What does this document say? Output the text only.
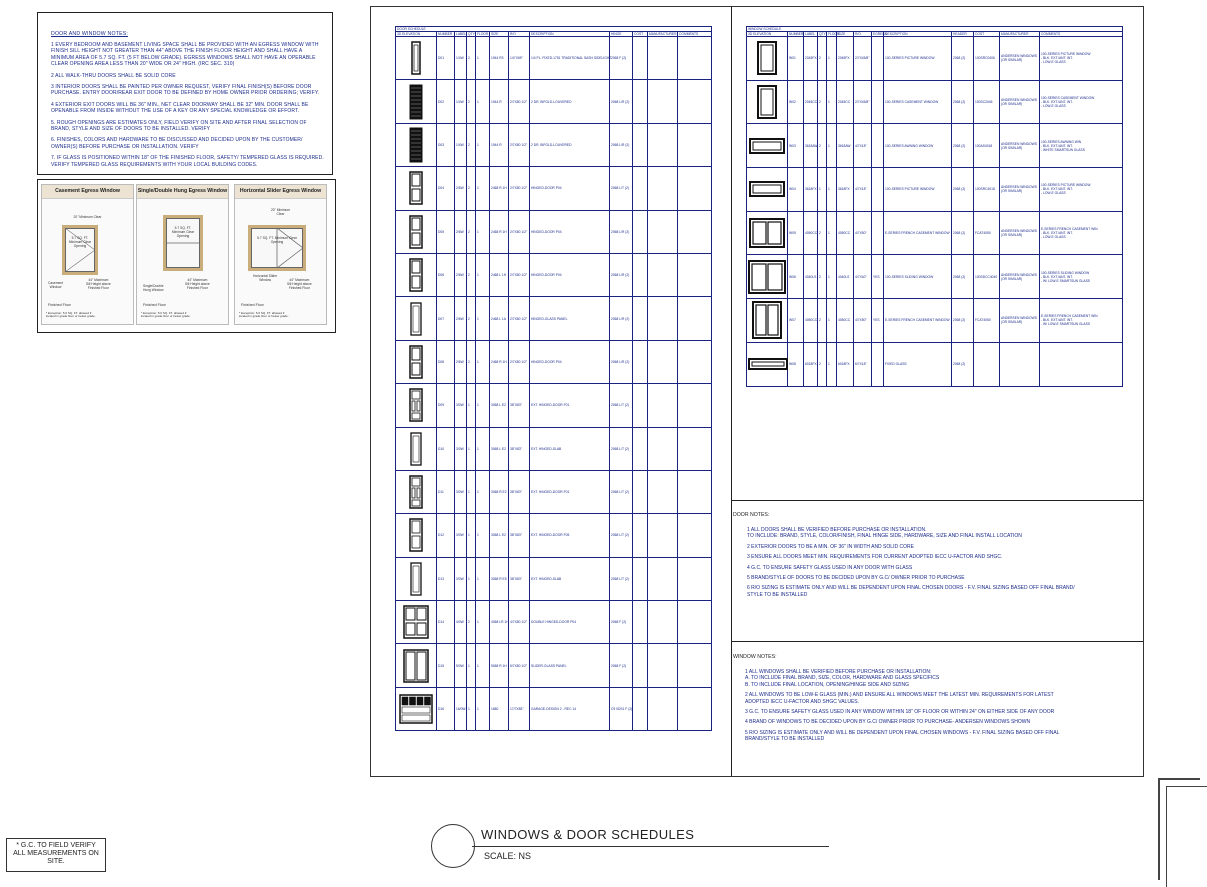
DOOR AND WINDOW NOTES:
1 EVERY BEDROOM AND BASEMENT LIVING SPACE SHALL BE PROVIDED WITH AN EGRESS WINDOW WITH
FINISH SILL HEIGHT NOT GREATER THAN 44" ABOVE THE FINISH FLOOR HEIGHT AND SHALL HAVE A
MINIMUM AREA OF 5.7 SQ. FT. (5 FT BELOW GRADE). EGRESS WINDOWS SHALL NOT HAVE AN OPERABLE
CLEAR OPENING AREA LESS THAN 20" WIDE OR 24" HIGH. (IRC SEC. 310)
2 ALL WALK-THRU DOORS SHALL BE SOLID CORE
3 INTERIOR DOORS SHALL BE PAINTED PER OWNER REQUEST, VERIFY FINAL FINISH(S) BEFORE DOOR
PURCHASE. ENTRY DOOR/REAR EXIT DOOR TO BE DEFINED BY HOME OWNER PRIOR ORDERING; VERIFY.
4 EXTERIOR EXIT DOORS WILL BE 36" MIN., NET CLEAR DOORWAY SHALL BE 32" MIN. DOOR SHALL BE
OPENABLE FROM INSIDE WITHOUT THE USE OF A KEY OR ANY SPECIAL KNOWLEDGE OR EFFORT.
5. ROUGH OPENINGS ARE ESTIMATES ONLY, FIELD VERIFY ON SITE AND AFTER FINAL SELECTION OF
BRAND, STYLE AND SIZE OF DOORS TO BE INSTALLED. VERIFY
6. FINISHES, COLORS AND HARDWARE TO BE DISCUSSED AND DECIDED UPON BY THE CUSTOMER/
OWNER(S) BEFORE PURCHASE OR INSTALLATION. VERIFY
7. IF GLASS IS POSITIONED WITHIN 18" OF THE FINISHED FLOOR, SAFETY/ TEMPERED GLASS IS REQUIRED.
VERIFY TEMPERED GLASS REQUIREMENTS WITH YOUR LOCAL BUILDING CODES.
Casement Egress Window
5.7 SQ. FT. Minimum Clear Opening
20" Minimum Clear
44" Maximum
Sill Height above
Finished Floor
Casement
Window
Finished Floor
* Exception: 5.0 SQ. FT. allowed if
located in grade floor or below grade.
Single/Double Hung Egress Window
5.7 SQ. FT. Minimum Clear Opening
44" Maximum
Sill Height above
Finished Floor
Single/Double
Hung Window
Finished Floor
* Exception: 5.0 SQ. FT. allowed if
located in grade floor or below grade.
Horizontal Slider Egress Window
5.7 SQ. FT. Minimum Clear Opening
20" Minimum
Clear
44" Maximum
Sill Height above
Finished Floor
Horizontal Slider
Window
Finished Floor
* Exception: 5.0 SQ. FT. allowed if
located in grade floor or below grade.
DOOR SCHEDULE											
3D ELEVATION	NUMBER	LABEL	QTY	FLOOR	SIZE	R/O	DESCRIPTION	HINGE	COST	MANUFACTURER	COMMENTS

	D01	1/4W	2	1	1944 R3	1/4"X69"	1/4 PL. FIXED-1751 TRADITIONAL SASH SIDELIGHT	2068 F (2)			

	D02	1/4W	2	1	1944 R	2/7X80 1/2"	2 DR. BIFOLD-LOUVERED	2068 L/R (2)			

	D03	1/4W	2	1	1944 R	2/7X80 1/2"	2 DR. BIFOLD-LOUVERED	2068 L/R (2)			

	D04	2/6W	2	1	2468 R 1H	2/7X80 1/2"	HINGED-DOOR P04	2068 L/T (2)			

	D05	2/6W	2	1	2468 R 1H	2/7X80 1/2"	HINGED-DOOR P04	2068 L/R (2)			

	D06	2/6W	2	1	2468 L 1H	2/7X80 1/2"	HINGED-DOOR P04	2068 L/R (2)			

	D07	2/6W	2	1	2468 L 1A	2/7X80 1/2"	HINGED-GLASS PANEL	2068 L/R (2)			

	D08	2/6W	2	1	2468 R 1H	2/7X80 1/2"	HINGED-DOOR P04	2068 L/R (2)			

	D09	3/0W	1	1	3068 L E2	38"X83"	EXT. HINGED-DOOR F01	2068 L/T (2)			

	D10	3/0W	1	1	3068 L E2	38"X83"	EXT. HINGED-SLAB	2068 L/T (2)			

	D11	3/0W	1	1	3068 R E2	38"X83"	EXT. HINGED-DOOR F01	2068 L/T (2)			

	D12	3/0W	1	1	3068 L E2	38"X83"	EXT. HINGED-DOOR F05	2068 L/T (2)			

	D13	3/0W	1	1	3068 R E5	38"X83"	EXT. HINGED-SLAB	2068 L/T (2)			

	D14	4/0W	2	1	4068 LR 1H	4/7X80 1/2"	DOUBLE HINGED-DOOR P04	2068 F (2)			

	D15	5/0W	1	1	5068 R 1H	5/7X80 1/2"	SLIDER-GLASS PANEL	2068 F (2)			

	D16	16/0W	1	1	1680	17/7X85"	GARAGE-DESIGN 2 - REC 14	C9 0DS1 F (2)			
WINDOW SCHEDULE												
3D ELEVATION	NUMBER	LABEL	QTY	FLOOR	SIZE	R/O	EGRESS	DESCRIPTION	HEADER	COST	MANUFACTURER	COMMENTS

	W01	2045FX	2	1	2045FX	2/7X45/8"		100-SERIES PICTURE WINDOW	2068 (2)	100SRC0406	ANDERSEN WINDOWS
(OR SIMILAR)	100-SERIES PICTURE WINDOW
- BLK. EXT./ANT. INT.
- LOW-E GLASS

	W02	2045CC	2	1	2045CC	2/7X45/8"		100-SERIES CASEMENT WINDOW	2068 (2)	100SC2046	ANDERSEN WINDOWS
(OR SIMILAR)	100-SERIES CASEMENT WINDOW
- BLK. EXT./ANT. INT.
- LOW-E GLASS

	W03	3618AW	2	1	3618AW	4/7X18"		100-SERIES AWNING WINDOW	2068 (2)	100AS4018	ANDERSEN WINDOWS
(OR SIMILAR)	100-SERIES AWNING WIN
- BLK. EXT./ANT. INT.
- WHITE SMARTSUN GLASS

	W04	3618FX	1	1	3618FX	4/7X18"		100-SERIES PICTURE WINDOW	2068 (2)	100SRC4018	ANDERSEN WINDOWS
(OR SIMILAR)	100-SERIES PICTURE WINDOW
- BLK. EXT./ANT. INT.
- LOW-E GLASS

	W05	4050CC	2	1	4050CC	4/7X50"		E-SERIES FRENCH CASEMENT WINDOW	2068 (2)	FCAT4050	ANDERSEN WINDOWS
(OR SIMILAR)	E-SERIES FRENCH CASEMENT WIN
- BLK. EXT./ANT. INT.
- LOW-E GLASS

	W06	4040LS	2	1	4040LS	4/7X40"	YES	100-SERIES SLIDING WINDOW	2068 (2)	100SDCC4040	ANDERSEN WINDOWS
(OR SIMILAR)	100-SERIES SLIDING WINDOW
- BLK. EXT./ANT. INT.
- W/ LOW-E SMARTSUN GLASS

	W07	4050CC	2	1	4050CC	4/7X50"	YES	E-SERIES FRENCH CASEMENT WINDOW	2068 (2)	FCAT4050	ANDERSEN WINDOWS
(OR SIMILAR)	E-SERIES FRENCH CASEMENT WIN
- BLK. EXT./ANT. INT.
- W/ LOW-E SMARTSUN GLASS

	W08	6018FX	2	1	6018FX	6/7X18"		FIXED GLASS	2068 (2)			
DOOR NOTES:
1 ALL DOORS SHALL BE VERIFIED BEFORE PURCHASE OR INSTALLATION.
TO INCLUDE: BRAND, STYLE, COLOR/FINISH, FINAL HINGE SIDE, HARDWARE, SIZE AND FINAL INSTALL LOCATION
2 EXTERIOR DOORS TO BE A MIN. OF 36" IN WIDTH AND SOLID CORE
3 ENSURE ALL DOORS MEET MIN. REQUIREMENTS FOR CURRENT ADOPTED IECC U-FACTOR AND SHGC.
4 G.C. TO ENSURE SAFETY GLASS USED IN ANY DOOR WITH GLASS
5 BRAND/STYLE OF DOORS TO BE DECIDED UPON BY G.C/ OWNER PRIOR TO PURCHASE
6 R/O SIZING IS ESTIMATE ONLY AND WILL BE DEPENDENT UPON FINAL CHOSEN DOORS - F.V. FINAL SIZING BASED OFF FINAL BRAND/
STYLE TO BE INSTALLED
WINDOW NOTES:
1 ALL WINDOWS SHALL BE VERIFIED BEFORE PURCHASE OR INSTALLATION:
A. TO INCLUDE FINAL BRAND, SIZE, COLOR, HARDWARE AND GLASS SPECIFICS
B. TO INCLUDE FINAL LOCATION, OPENING/HINGE SIDE AND SIZING
2 ALL WINDOWS TO BE LOW-E GLASS (MIN.) AND ENSURE ALL WINDOWS MEET THE LATEST MIN. REQUIREMENTS FOR LATEST
ADOPTED IECC U-FACTOR AND SHGC VALUES.
3 G.C. TO ENSURE SAFETY GLASS USED IN ANY WINDOW WITHIN 18" OF FLOOR OR WITHIN 24" ON EITHER SIDE OF ANY DOOR
4 BRAND OF WINDOWS TO BE DECIDED UPON BY G.C/ OWNER PRIOR TO PURCHASE- ANDERSEN WINDOWS SHOWN
5 R/O SIZING IS ESTIMATE ONLY AND WILL BE DEPENDENT UPON FINAL CHOSEN WINDOWS - F.V. FINAL SIZING BASED OFF FINAL
BRAND/STYLE TO BE INSTALLED
* G.C. TO FIELD VERIFY
ALL MEASUREMENTS ON
SITE.
WINDOWS & DOOR SCHEDULES
SCALE: NS
